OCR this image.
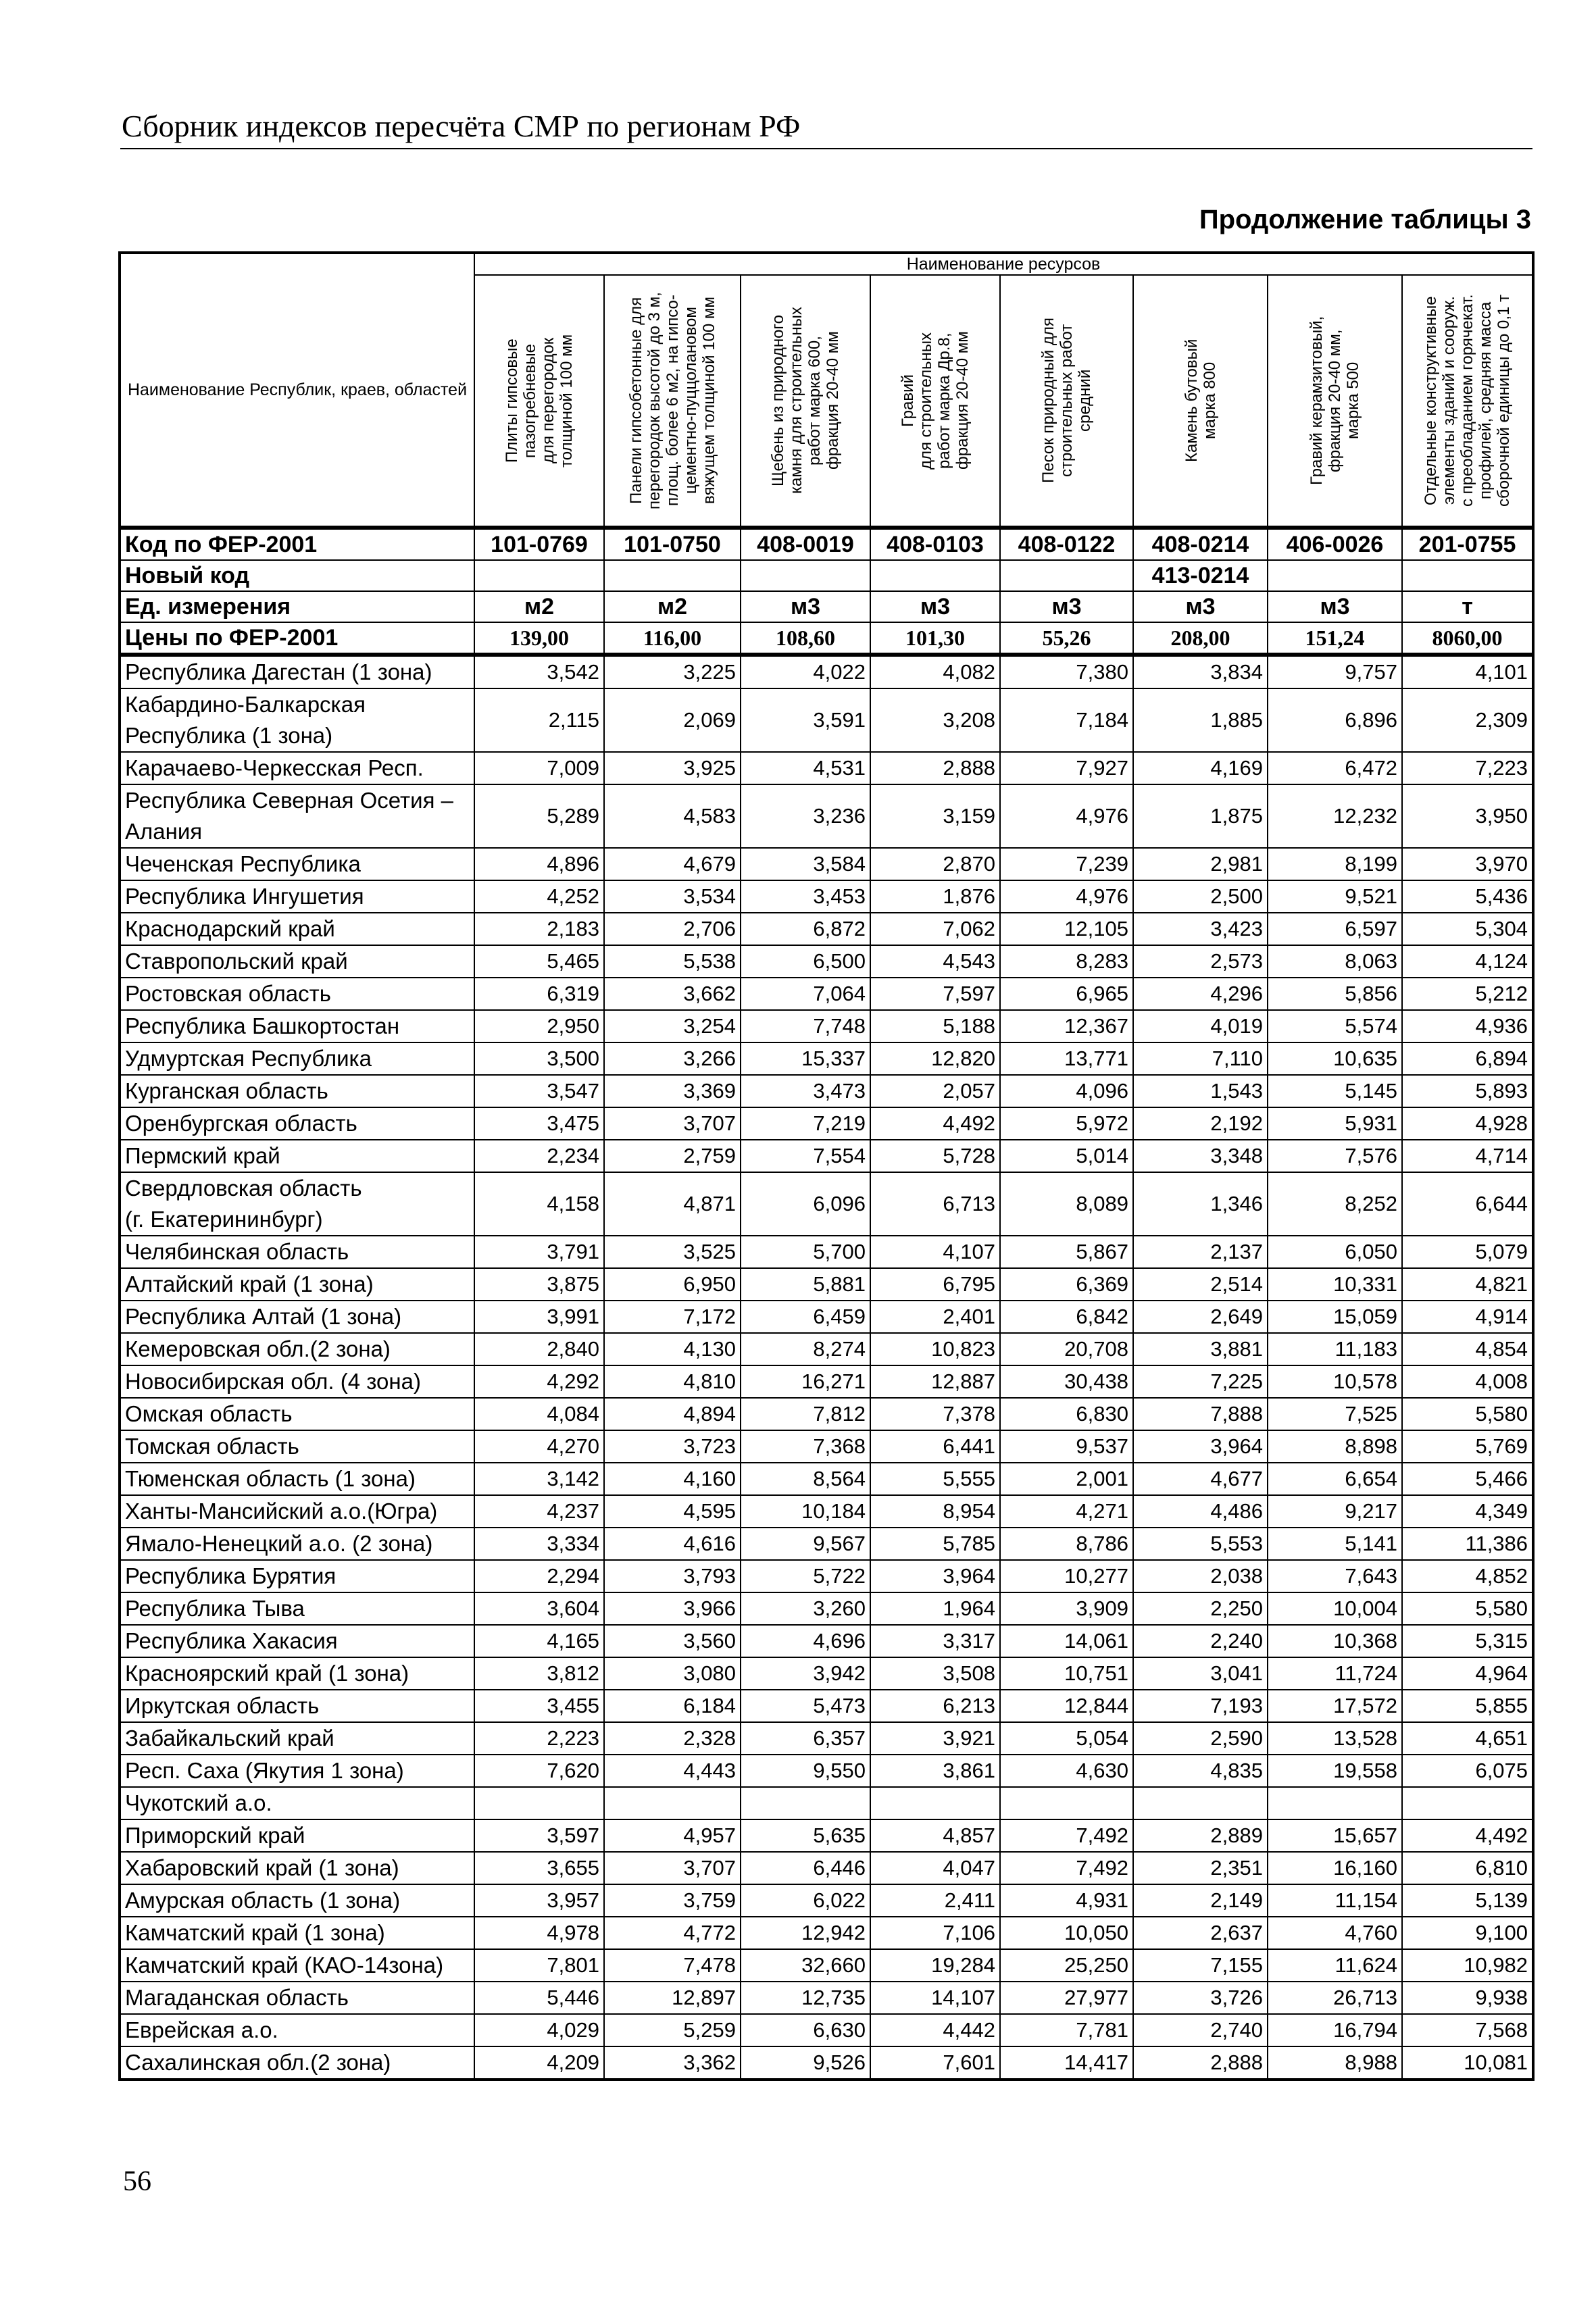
Сборник индексов пересчёта СМР по регионам РФ
Продолжение таблицы 3
Наименование Республик, краев, областей	Наименование ресурсов							

	Плиты гипсовые
пазогребневые
для перегородок
толщиной 100 мм	Панели гипсобетонные для
перегородок высотой до 3 м,
площ. более 6 м2, на гипсо-
цементно-пуццолановом
вяжущем толщиной 100 мм	Щебень из природного
камня для строительных
работ марка 600,
фракция 20-40 мм	Гравий
для строительных
работ марка Др.8,
фракция 20-40 мм	Песок природный для
строительных работ
средний	Камень бутовый
марка 800	Гравий керамзитовый,
фракция 20-40 мм,
марка 500	Отдельные конструктивные
элементы зданий и сооруж.
с преобладанием горячекат.
профилей, средняя масса
сборочной единицы до 0,1 т

Код по ФЕР-2001	101-0769	101-0750	408-0019	408-0103	408-0122	408-0214	406-0026	201-0755
Новый код						413-0214		
Ед. измерения	м2	м2	м3	м3	м3	м3	м3	т
Цены по ФЕР-2001	139,00	116,00	108,60	101,30	55,26	208,00	151,24	8060,00
Республика Дагестан (1 зона)	3,542	3,225	4,022	4,082	7,380	3,834	9,757	4,101
Кабардино-Балкарская
Республика (1 зона)	2,115	2,069	3,591	3,208	7,184	1,885	6,896	2,309
Карачаево-Черкесская Респ.	7,009	3,925	4,531	2,888	7,927	4,169	6,472	7,223
Республика Северная Осетия –
Алания	5,289	4,583	3,236	3,159	4,976	1,875	12,232	3,950
Чеченская Республика	4,896	4,679	3,584	2,870	7,239	2,981	8,199	3,970
Республика Ингушетия	4,252	3,534	3,453	1,876	4,976	2,500	9,521	5,436
Краснодарский край	2,183	2,706	6,872	7,062	12,105	3,423	6,597	5,304
Ставропольский край	5,465	5,538	6,500	4,543	8,283	2,573	8,063	4,124
Ростовская область	6,319	3,662	7,064	7,597	6,965	4,296	5,856	5,212
Республика Башкортостан	2,950	3,254	7,748	5,188	12,367	4,019	5,574	4,936
Удмуртская Республика	3,500	3,266	15,337	12,820	13,771	7,110	10,635	6,894
Курганская область	3,547	3,369	3,473	2,057	4,096	1,543	5,145	5,893
Оренбургская область	3,475	3,707	7,219	4,492	5,972	2,192	5,931	4,928
Пермский край	2,234	2,759	7,554	5,728	5,014	3,348	7,576	4,714
Свердловская область
(г. Екатерининбург)	4,158	4,871	6,096	6,713	8,089	1,346	8,252	6,644
Челябинская область	3,791	3,525	5,700	4,107	5,867	2,137	6,050	5,079
Алтайский край (1 зона)	3,875	6,950	5,881	6,795	6,369	2,514	10,331	4,821
Республика Алтай (1 зона)	3,991	7,172	6,459	2,401	6,842	2,649	15,059	4,914
Кемеровская обл.(2 зона)	2,840	4,130	8,274	10,823	20,708	3,881	11,183	4,854
Новосибирская обл. (4 зона)	4,292	4,810	16,271	12,887	30,438	7,225	10,578	4,008
Омская область	4,084	4,894	7,812	7,378	6,830	7,888	7,525	5,580
Томская область	4,270	3,723	7,368	6,441	9,537	3,964	8,898	5,769
Тюменская область (1 зона)	3,142	4,160	8,564	5,555	2,001	4,677	6,654	5,466
Ханты-Мансийский а.о.(Югра)	4,237	4,595	10,184	8,954	4,271	4,486	9,217	4,349
Ямало-Ненецкий а.о. (2 зона)	3,334	4,616	9,567	5,785	8,786	5,553	5,141	11,386
Республика Бурятия	2,294	3,793	5,722	3,964	10,277	2,038	7,643	4,852
Республика Тыва	3,604	3,966	3,260	1,964	3,909	2,250	10,004	5,580
Республика Хакасия	4,165	3,560	4,696	3,317	14,061	2,240	10,368	5,315
Красноярский край (1 зона)	3,812	3,080	3,942	3,508	10,751	3,041	11,724	4,964
Иркутская область	3,455	6,184	5,473	6,213	12,844	7,193	17,572	5,855
Забайкальский край	2,223	2,328	6,357	3,921	5,054	2,590	13,528	4,651
Респ. Саха (Якутия 1 зона)	7,620	4,443	9,550	3,861	4,630	4,835	19,558	6,075
Чукотский а.о.								
Приморский край	3,597	4,957	5,635	4,857	7,492	2,889	15,657	4,492
Хабаровский край (1 зона)	3,655	3,707	6,446	4,047	7,492	2,351	16,160	6,810
Амурская область (1 зона)	3,957	3,759	6,022	2,411	4,931	2,149	11,154	5,139
Камчатский край (1 зона)	4,978	4,772	12,942	7,106	10,050	2,637	4,760	9,100
Камчатский край (КАО-14зона)	7,801	7,478	32,660	19,284	25,250	7,155	11,624	10,982
Магаданская область	5,446	12,897	12,735	14,107	27,977	3,726	26,713	9,938
Еврейская а.о.	4,029	5,259	6,630	4,442	7,781	2,740	16,794	7,568
Сахалинская обл.(2 зона)	4,209	3,362	9,526	7,601	14,417	2,888	8,988	10,081
56
